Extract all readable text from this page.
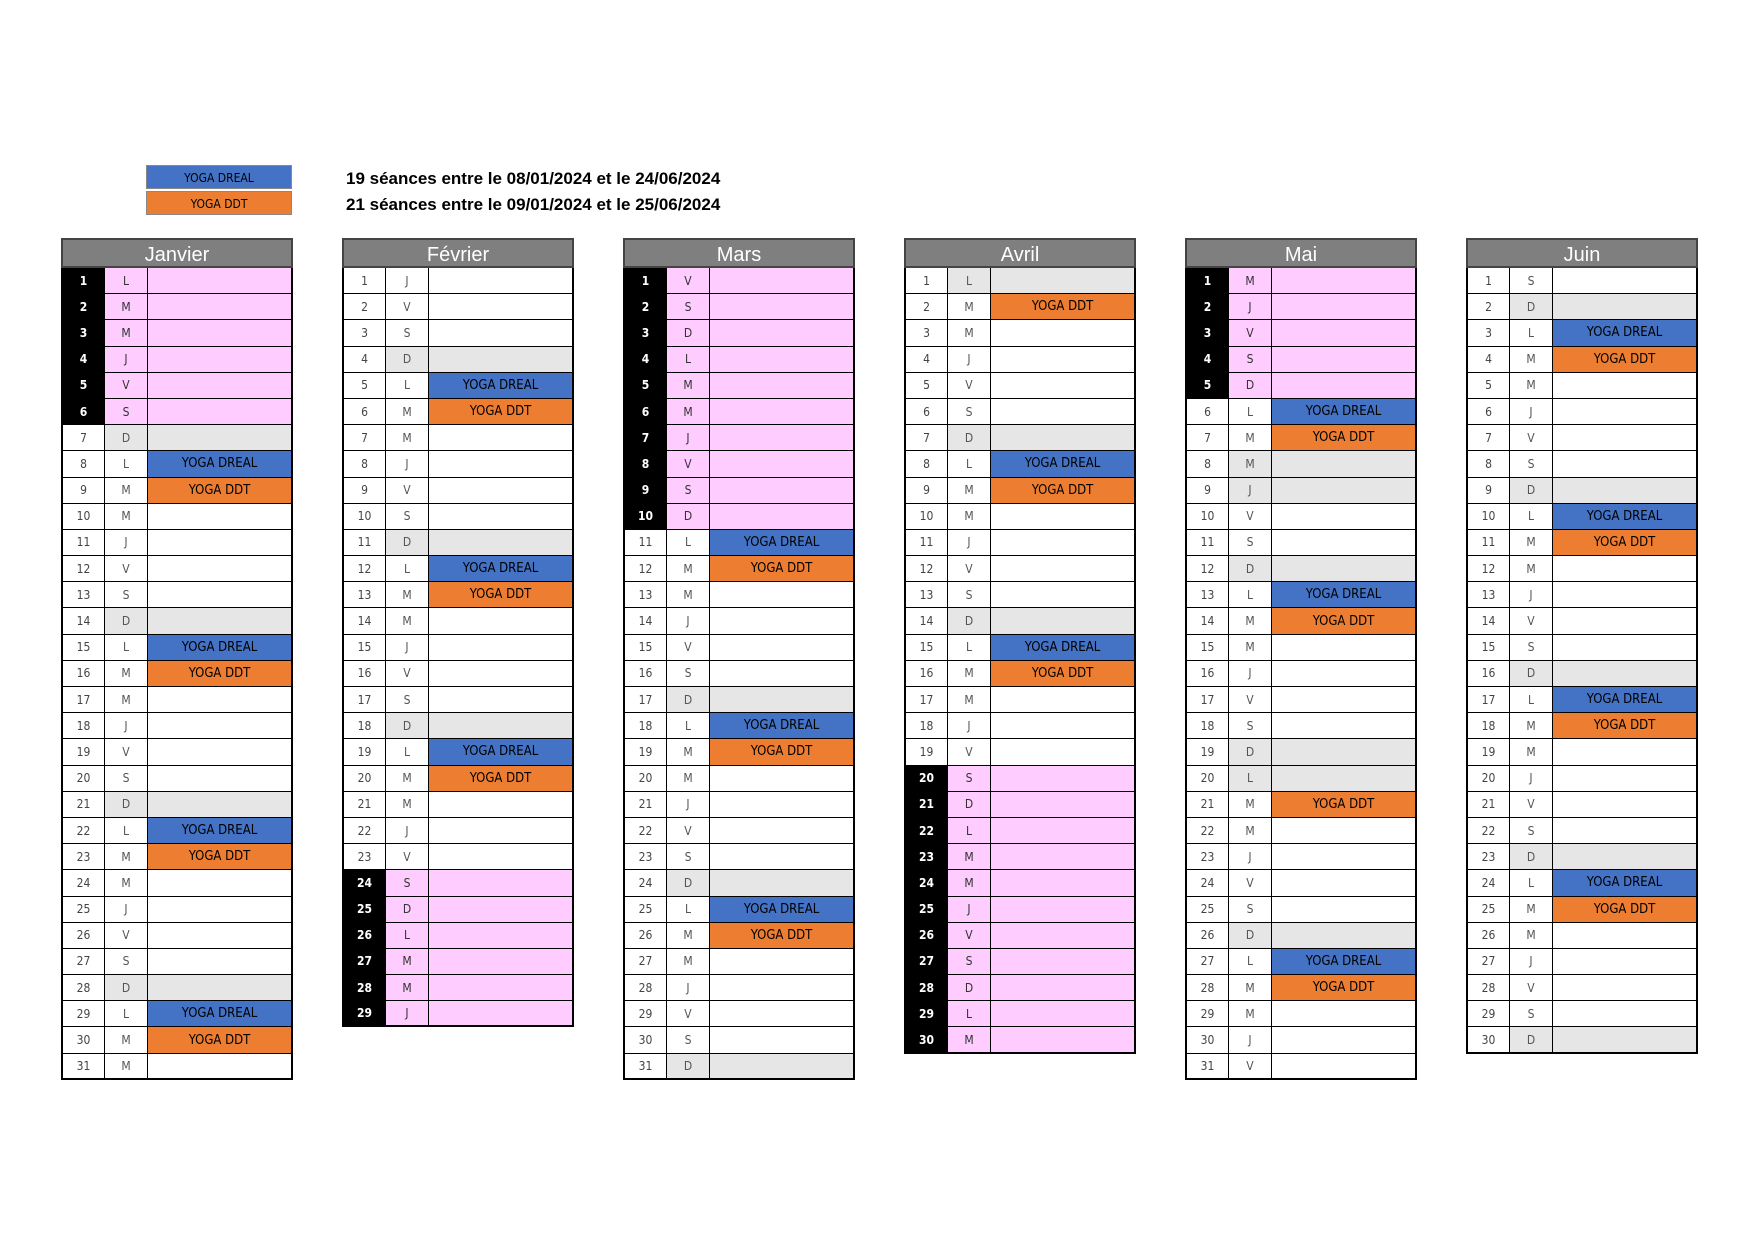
YOGA DREAL
YOGA DDT
19 séances entre le 08/01/2024 et le 24/06/2024
21 séances entre le 09/01/2024 et le 25/06/2024
Janvier
1	L
2	M
3	M
4	J
5	V
6	S
7	D
8	L	YOGA DREAL
9	M	YOGA DDT
10	M
11	J
12	V
13	S
14	D
15	L	YOGA DREAL
16	M	YOGA DDT
17	M
18	J
19	V
20	S
21	D
22	L	YOGA DREAL
23	M	YOGA DDT
24	M
25	J
26	V
27	S
28	D
29	L	YOGA DREAL
30	M	YOGA DDT
31	M
Février
1	J
2	V
3	S
4	D
5	L	YOGA DREAL
6	M	YOGA DDT
7	M
8	J
9	V
10	S
11	D
12	L	YOGA DREAL
13	M	YOGA DDT
14	M
15	J
16	V
17	S
18	D
19	L	YOGA DREAL
20	M	YOGA DDT
21	M
22	J
23	V
24	S
25	D
26	L
27	M
28	M
29	J
Mars
1	V
2	S
3	D
4	L
5	M
6	M
7	J
8	V
9	S
10	D
11	L	YOGA DREAL
12	M	YOGA DDT
13	M
14	J
15	V
16	S
17	D
18	L	YOGA DREAL
19	M	YOGA DDT
20	M
21	J
22	V
23	S
24	D
25	L	YOGA DREAL
26	M	YOGA DDT
27	M
28	J
29	V
30	S
31	D
Avril
1	L
2	M	YOGA DDT
3	M
4	J
5	V
6	S
7	D
8	L	YOGA DREAL
9	M	YOGA DDT
10	M
11	J
12	V
13	S
14	D
15	L	YOGA DREAL
16	M	YOGA DDT
17	M
18	J
19	V
20	S
21	D
22	L
23	M
24	M
25	J
26	V
27	S
28	D
29	L
30	M
Mai
1	M
2	J
3	V
4	S
5	D
6	L	YOGA DREAL
7	M	YOGA DDT
8	M
9	J
10	V
11	S
12	D
13	L	YOGA DREAL
14	M	YOGA DDT
15	M
16	J
17	V
18	S
19	D
20	L
21	M	YOGA DDT
22	M
23	J
24	V
25	S
26	D
27	L	YOGA DREAL
28	M	YOGA DDT
29	M
30	J
31	V
Juin
1	S
2	D
3	L	YOGA DREAL
4	M	YOGA DDT
5	M
6	J
7	V
8	S
9	D
10	L	YOGA DREAL
11	M	YOGA DDT
12	M
13	J
14	V
15	S
16	D
17	L	YOGA DREAL
18	M	YOGA DDT
19	M
20	J
21	V
22	S
23	D
24	L	YOGA DREAL
25	M	YOGA DDT
26	M
27	J
28	V
29	S
30	D
